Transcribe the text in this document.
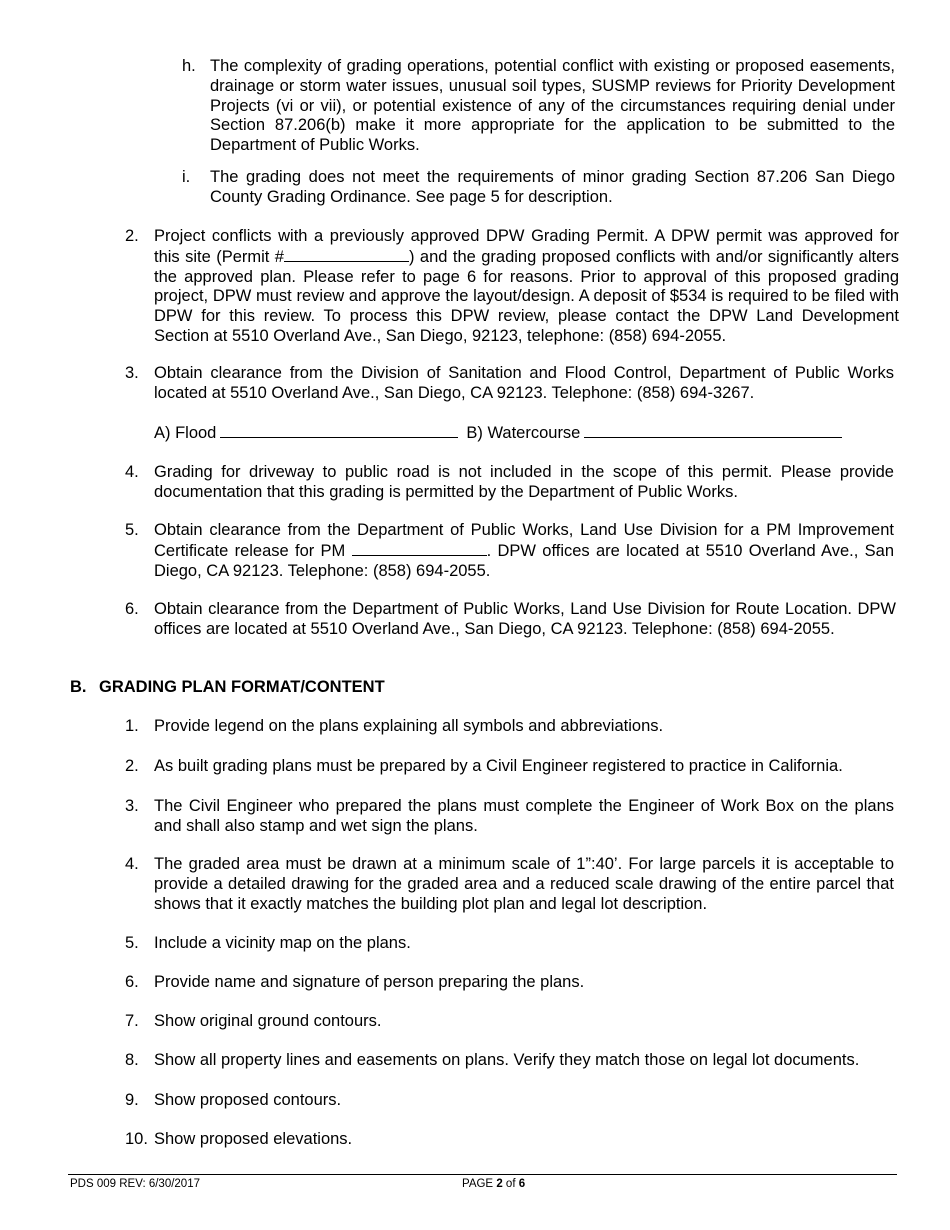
h. The complexity of grading operations, potential conflict with existing or proposed easements, drainage or storm water issues, unusual soil types, SUSMP reviews for Priority Development Projects (vi or vii), or potential existence of any of the circumstances requiring denial under Section 87.206(b) make it more appropriate for the application to be submitted to the Department of Public Works.
i. The grading does not meet the requirements of minor grading Section 87.206 San Diego County Grading Ordinance. See page 5 for description.
2. Project conflicts with a previously approved DPW Grading Permit. A DPW permit was approved for this site (Permit #	) and the grading proposed conflicts with and/or significantly alters the approved plan. Please refer to page 6 for reasons. Prior to approval of this proposed grading project, DPW must review and approve the layout/design. A deposit of $534 is required to be filed with DPW for this review. To process this DPW review, please contact the DPW Land Development Section at 5510 Overland Ave., San Diego, 92123, telephone: (858) 694-2055.
3. Obtain clearance from the Division of Sanitation and Flood Control, Department of Public Works located at 5510 Overland Ave., San Diego, CA 92123. Telephone: (858) 694-3267.
A) Flood	B) Watercourse
4. Grading for driveway to public road is not included in the scope of this permit. Please provide documentation that this grading is permitted by the Department of Public Works.
5. Obtain clearance from the Department of Public Works, Land Use Division for a PM Improvement Certificate release for PM	. DPW offices are located at 5510 Overland Ave., San Diego, CA 92123. Telephone: (858) 694-2055.
6. Obtain clearance from the Department of Public Works, Land Use Division for Route Location. DPW offices are located at 5510 Overland Ave., San Diego, CA 92123. Telephone: (858) 694-2055.
B. GRADING PLAN FORMAT/CONTENT
1. Provide legend on the plans explaining all symbols and abbreviations.
2. As built grading plans must be prepared by a Civil Engineer registered to practice in California.
3. The Civil Engineer who prepared the plans must complete the Engineer of Work Box on the plans and shall also stamp and wet sign the plans.
4. The graded area must be drawn at a minimum scale of 1”:40’. For large parcels it is acceptable to provide a detailed drawing for the graded area and a reduced scale drawing of the entire parcel that shows that it exactly matches the building plot plan and legal lot description.
5. Include a vicinity map on the plans.
6. Provide name and signature of person preparing the plans.
7. Show original ground contours.
8. Show all property lines and easements on plans. Verify they match those on legal lot documents.
9. Show proposed contours.
10. Show proposed elevations.
PDS 009 REV: 6/30/2017	PAGE 2 of 6
